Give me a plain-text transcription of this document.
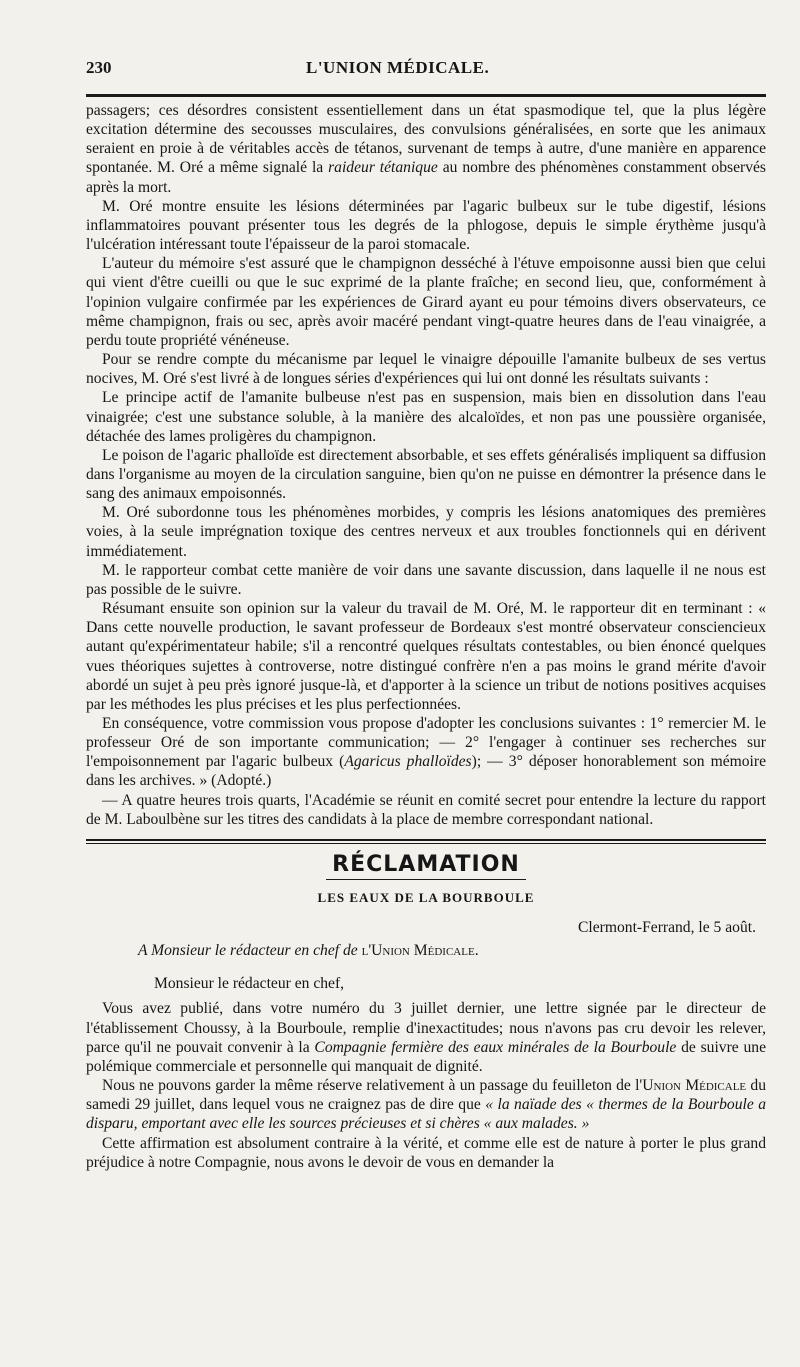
230	L'UNION MÉDICALE.

passagers; ces désordres consistent essentiellement dans un état spasmodique tel, que la plus légère excitation détermine des secousses musculaires, des convulsions généralisées, en sorte que les animaux seraient en proie à de véritables accès de tétanos, survenant de temps à autre, d'une manière en apparence spontanée. M. Oré a même signalé la raideur tétanique au nombre des phénomènes constamment observés après la mort.

M. Oré montre ensuite les lésions déterminées par l'agaric bulbeux sur le tube digestif, lésions inflammatoires pouvant présenter tous les degrés de la phlogose, depuis le simple érythème jusqu'à l'ulcération intéressant toute l'épaisseur de la paroi stomacale.

L'auteur du mémoire s'est assuré que le champignon desséché à l'étuve empoisonne aussi bien que celui qui vient d'être cueilli ou que le suc exprimé de la plante fraîche; en second lieu, que, conformément à l'opinion vulgaire confirmée par les expériences de Girard ayant eu pour témoins divers observateurs, ce même champignon, frais ou sec, après avoir macéré pendant vingt-quatre heures dans de l'eau vinaigrée, a perdu toute propriété vénéneuse.

Pour se rendre compte du mécanisme par lequel le vinaigre dépouille l'amanite bulbeux de ses vertus nocives, M. Oré s'est livré à de longues séries d'expériences qui lui ont donné les résultats suivants :

Le principe actif de l'amanite bulbeuse n'est pas en suspension, mais bien en dissolution dans l'eau vinaigrée; c'est une substance soluble, à la manière des alcaloïdes, et non pas une poussière organisée, détachée des lames proligères du champignon.

Le poison de l'agaric phalloïde est directement absorbable, et ses effets généralisés impliquent sa diffusion dans l'organisme au moyen de la circulation sanguine, bien qu'on ne puisse en démontrer la présence dans le sang des animaux empoisonnés.

M. Oré subordonne tous les phénomènes morbides, y compris les lésions anatomiques des premières voies, à la seule imprégnation toxique des centres nerveux et aux troubles fonctionnels qui en dérivent immédiatement.

M. le rapporteur combat cette manière de voir dans une savante discussion, dans laquelle il ne nous est pas possible de le suivre.

Résumant ensuite son opinion sur la valeur du travail de M. Oré, M. le rapporteur dit en terminant : « Dans cette nouvelle production, le savant professeur de Bordeaux s'est montré observateur consciencieux autant qu'expérimentateur habile; s'il a rencontré quelques résultats contestables, ou bien énoncé quelques vues théoriques sujettes à controverse, notre distingué confrère n'en a pas moins le grand mérite d'avoir abordé un sujet à peu près ignoré jusque-là, et d'apporter à la science un tribut de notions positives acquises par les méthodes les plus précises et les plus perfectionnées.

En conséquence, votre commission vous propose d'adopter les conclusions suivantes : 1° remercier M. le professeur Oré de son importante communication; — 2° l'engager à continuer ses recherches sur l'empoisonnement par l'agaric bulbeux (Agaricus phalloïdes); — 3° déposer honorablement son mémoire dans les archives. » (Adopté.)

— A quatre heures trois quarts, l'Académie se réunit en comité secret pour entendre la lecture du rapport de M. Laboulbène sur les titres des candidats à la place de membre correspondant national.

RÉCLAMATION
LES EAUX DE LA BOURBOULE
Clermont-Ferrand, le 5 août.
A Monsieur le rédacteur en chef de l'Union Médicale.
Monsieur le rédacteur en chef,

Vous avez publié, dans votre numéro du 3 juillet dernier, une lettre signée par le directeur de l'établissement Choussy, à la Bourboule, remplie d'inexactitudes; nous n'avons pas cru devoir les relever, parce qu'il ne pouvait convenir à la Compagnie fermière des eaux minérales de la Bourboule de suivre une polémique commerciale et personnelle qui manquait de dignité.

Nous ne pouvons garder la même réserve relativement à un passage du feuilleton de l'Union Médicale du samedi 29 juillet, dans lequel vous ne craignez pas de dire que « la naïade des « thermes de la Bourboule a disparu, emportant avec elle les sources précieuses et si chères « aux malades. »

Cette affirmation est absolument contraire à la vérité, et comme elle est de nature à porter le plus grand préjudice à notre Compagnie, nous avons le devoir de vous en demander la
